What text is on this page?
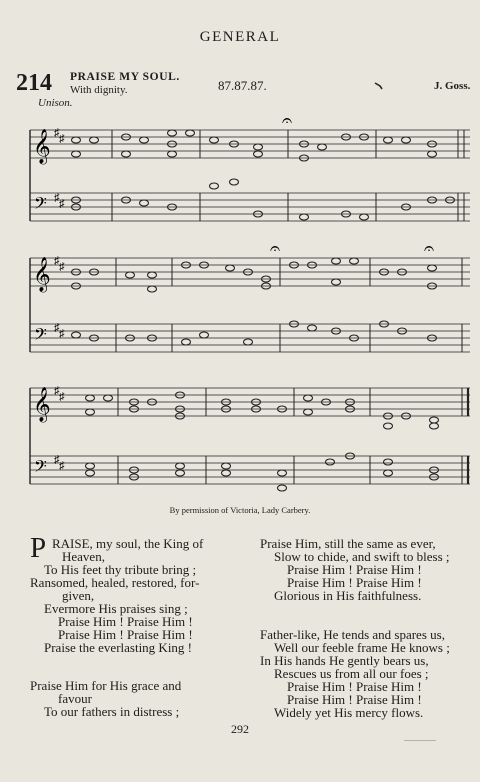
GENERAL
214 PRAISE MY SOUL.
With dignity.	87.87.87.	J. Goss.
Unison.
𝄞
𝄢
♯ ♯
♯ ♯
𝄐
𝄞
𝄢
♯ ♯
♯ ♯
𝄐	𝄐
𝄞
𝄢
♯ ♯
♯ ♯
By permission of Victoria, Lady Carbery.
P RAISE, my soul, the King of
Heaven,
To His feet thy tribute bring ;
Ransomed, healed, restored, for-
given,
Evermore His praises sing ;
Praise Him ! Praise Him !
Praise Him ! Praise Him !
Praise the everlasting King !
Praise Him for His grace and
favour
To our fathers in distress ;
Praise Him, still the same as ever,
Slow to chide, and swift to bless ;
Praise Him ! Praise Him !
Praise Him ! Praise Him !
Glorious in His faithfulness.
Father-like, He tends and spares us,
Well our feeble frame He knows ;
In His hands He gently bears us,
Rescues us from all our foes ;
Praise Him ! Praise Him !
Praise Him ! Praise Him !
Widely yet His mercy flows.
292
